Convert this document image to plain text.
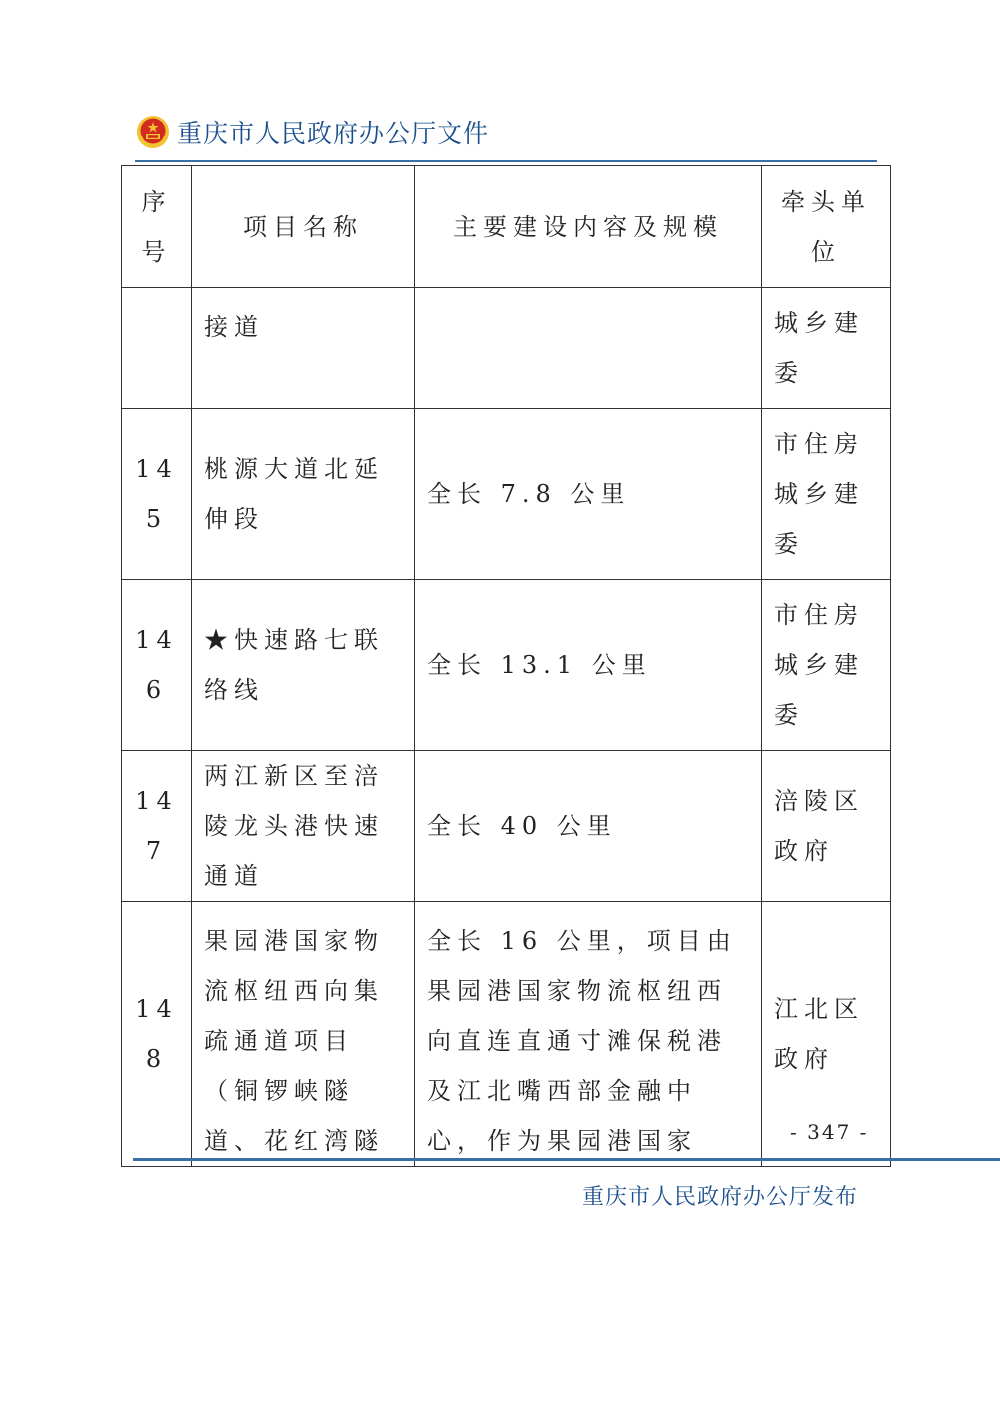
重庆市人民政府办公厅文件
序号	项目名称	主要建设内容及规模	牵头单位
	接道		城乡建委
145	桃源大道北延伸段	全长 7.8 公里	市住房城乡建委
146	★快速路七联络线	全长 13.1 公里	市住房城乡建委
147	两江新区至涪陵龙头港快速通道	全长 40 公里	涪陵区政府
148	果园港国家物流枢纽西向集疏通道项目（铜锣峡隧道、花红湾隧	全长 16 公里，项目由果园港国家物流枢纽西向直连直通寸滩保税港及江北嘴西部金融中心，作为果园港国家	江北区政府
- 347 -
重庆市人民政府办公厅发布
